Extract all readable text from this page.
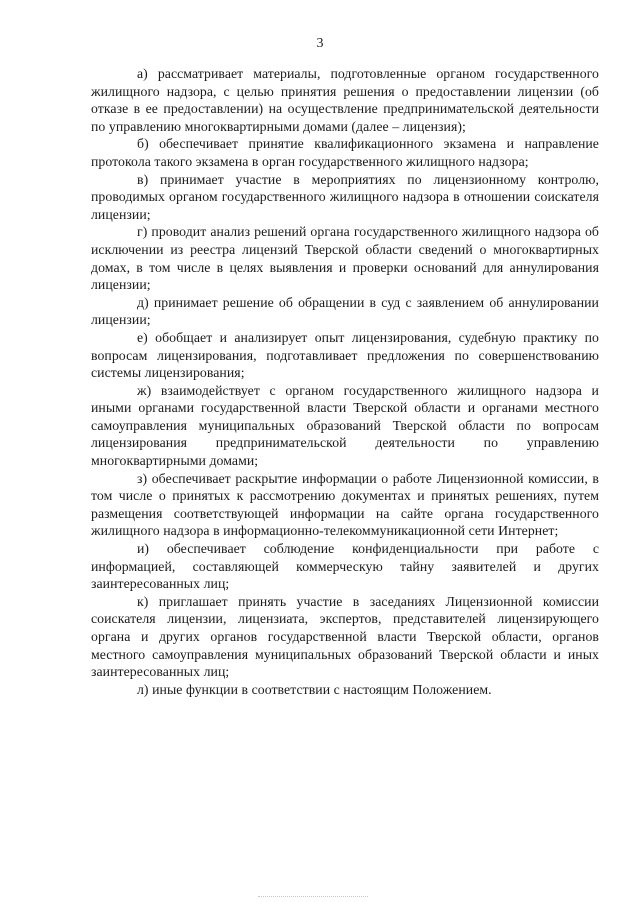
3

а) рассматривает материалы, подготовленные органом государственного жилищного надзора, с целью принятия решения о предоставлении лицензии (об отказе в ее предоставлении) на осуществление предпринимательской деятельности по управлению многоквартирными домами (далее – лицензия);

б) обеспечивает принятие квалификационного экзамена и направление протокола такого экзамена в орган государственного жилищного надзора;

в) принимает участие в мероприятиях по лицензионному контролю, проводимых органом государственного жилищного надзора в отношении соискателя лицензии;

г) проводит анализ решений органа государственного жилищного надзора об исключении из реестра лицензий Тверской области сведений о многоквартирных домах, в том числе в целях выявления и проверки оснований для аннулирования лицензии;

д) принимает решение об обращении в суд с заявлением об аннулировании лицензии;

е) обобщает и анализирует опыт лицензирования, судебную практику по вопросам лицензирования, подготавливает предложения по совершенствованию системы лицензирования;

ж) взаимодействует с органом государственного жилищного надзора и иными органами государственной власти Тверской области и органами местного самоуправления муниципальных образований Тверской области по вопросам лицензирования предпринимательской деятельности по управлению многоквартирными домами;

з) обеспечивает раскрытие информации о работе Лицензионной комиссии, в том числе о принятых к рассмотрению документах и принятых решениях, путем размещения соответствующей информации на сайте органа государственного жилищного надзора в информационно-телекоммуникационной сети Интернет;

и) обеспечивает соблюдение конфиденциальности при работе с информацией, составляющей коммерческую тайну заявителей и других заинтересованных лиц;

к) приглашает принять участие в заседаниях Лицензионной комиссии соискателя лицензии, лицензиата, экспертов, представителей лицензирующего органа и других органов государственной власти Тверской области, органов местного самоуправления муниципальных образований Тверской области и иных заинтересованных лиц;

л) иные функции в соответствии с настоящим Положением.
